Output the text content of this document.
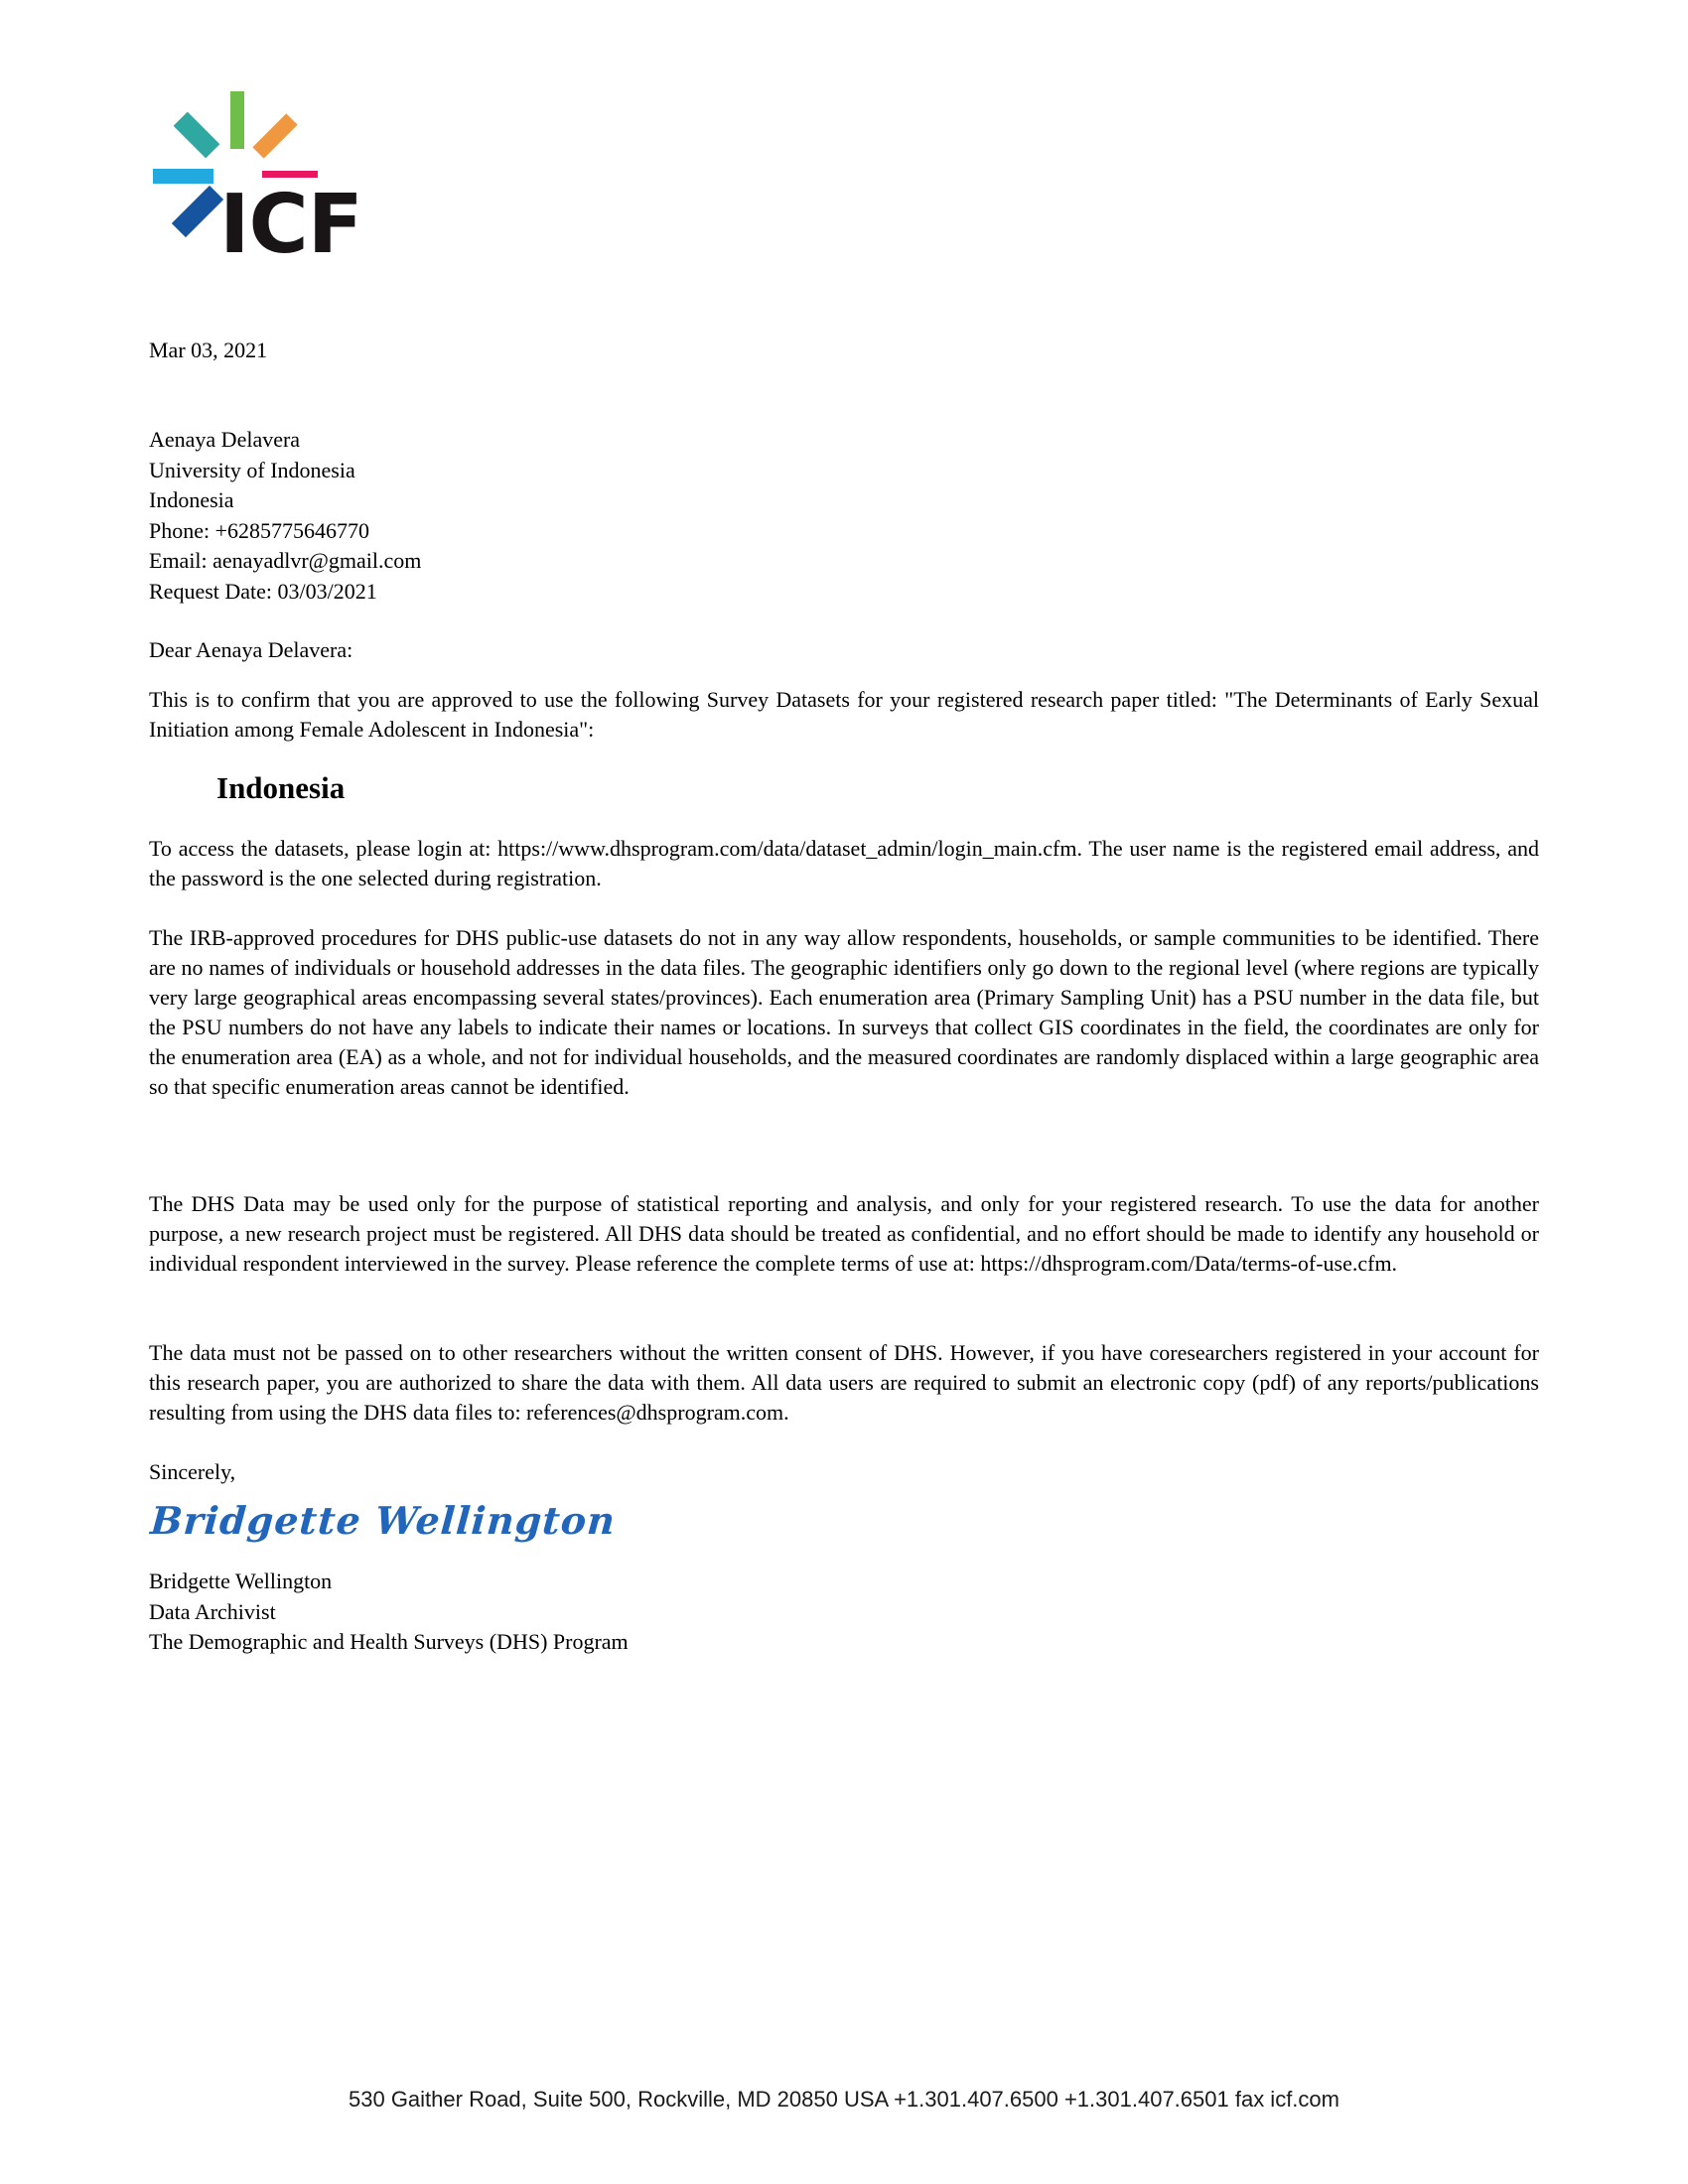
ICF
Mar 03, 2021
Aenaya Delavera
University of Indonesia
Indonesia
Phone: +6285775646770
Email: aenayadlvr@gmail.com
Request Date: 03/03/2021
Dear Aenaya Delavera:

This is to confirm that you are approved to use the following Survey Datasets for your registered research paper titled: "The Determinants of Early Sexual Initiation among Female Adolescent in Indonesia":

Indonesia

To access the datasets, please login at: https://www.dhsprogram.com/data/dataset_admin/login_main.cfm. The user name is the registered email address, and the password is the one selected during registration.

The IRB-approved procedures for DHS public-use datasets do not in any way allow respondents, households, or sample communities to be identified. There are no names of individuals or household addresses in the data files. The geographic identifiers only go down to the regional level (where regions are typically very large geographical areas encompassing several states/provinces). Each enumeration area (Primary Sampling Unit) has a PSU number in the data file, but the PSU numbers do not have any labels to indicate their names or locations. In surveys that collect GIS coordinates in the field, the coordinates are only for the enumeration area (EA) as a whole, and not for individual households, and the measured coordinates are randomly displaced within a large geographic area so that specific enumeration areas cannot be identified.

The DHS Data may be used only for the purpose of statistical reporting and analysis, and only for your registered research. To use the data for another purpose, a new research project must be registered. All DHS data should be treated as confidential, and no effort should be made to identify any household or individual respondent interviewed in the survey. Please reference the complete terms of use at: https://dhsprogram.com/Data/terms-of-use.cfm.

The data must not be passed on to other researchers without the written consent of DHS. However, if you have coresearchers registered in your account for this research paper, you are authorized to share the data with them. All data users are required to submit an electronic copy (pdf) of any reports/publications resulting from using the DHS data files to: references@dhsprogram.com.

Sincerely,
Bridgette Wellington
Bridgette Wellington
Data Archivist
The Demographic and Health Surveys (DHS) Program
530 Gaither Road, Suite 500, Rockville, MD 20850 USA +1.301.407.6500 +1.301.407.6501 fax icf.com
